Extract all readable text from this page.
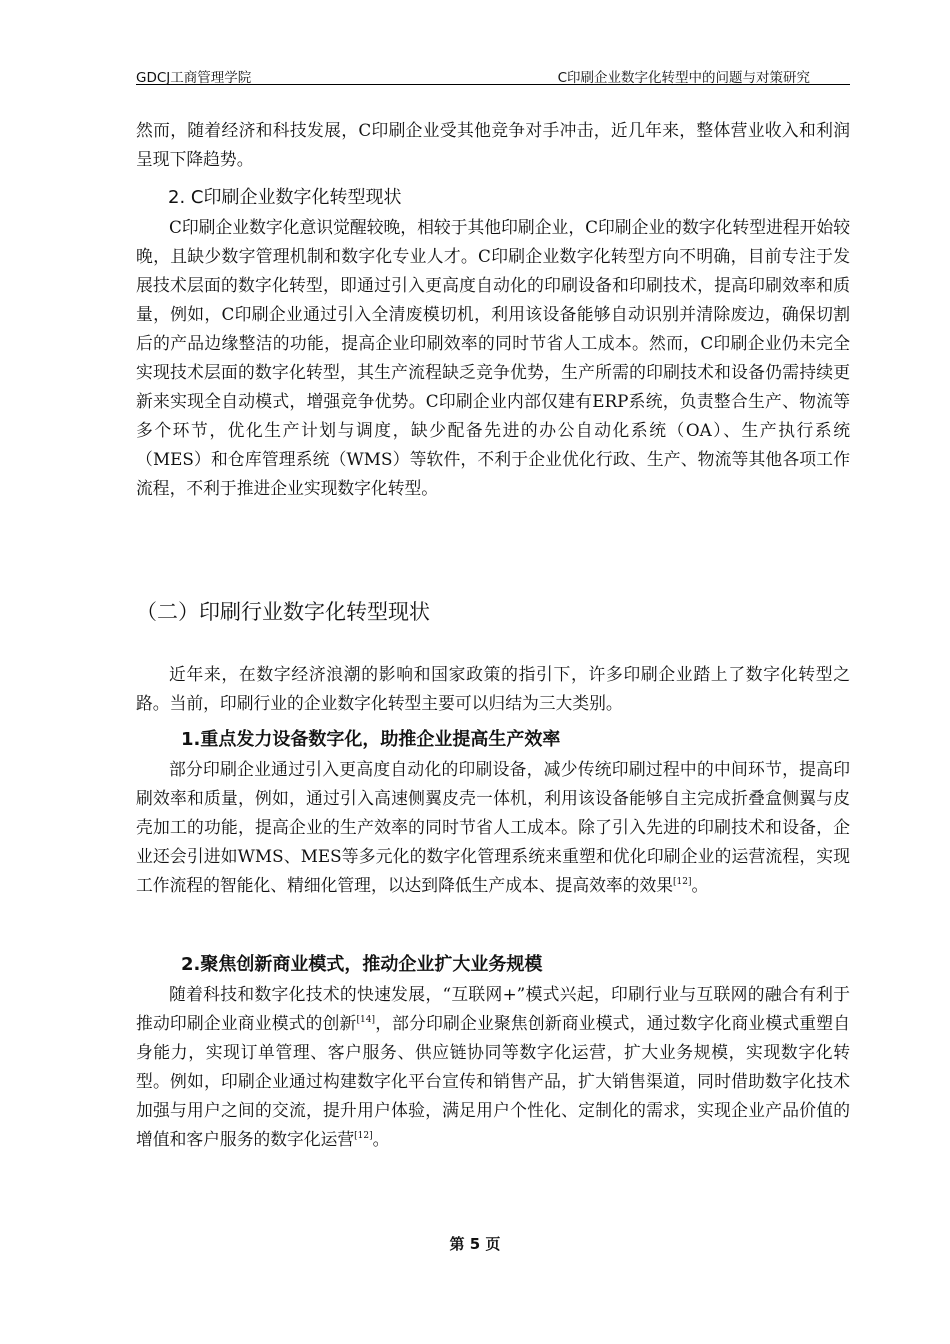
GDCJ工商管理学院	C印刷企业数字化转型中的问题与对策研究

然而，随着经济和科技发展，C印刷企业受其他竞争对手冲击，近几年来，整体营业收入和利润呈现下降趋势。

2. C印刷企业数字化转型现状

C印刷企业数字化意识觉醒较晚，相较于其他印刷企业，C印刷企业的数字化转型进程开始较晚，且缺少数字管理机制和数字化专业人才。C印刷企业数字化转型方向不明确，目前专注于发展技术层面的数字化转型，即通过引入更高度自动化的印刷设备和印刷技术，提高印刷效率和质量，例如，C印刷企业通过引入全清废模切机，利用该设备能够自动识别并清除废边，确保切割后的产品边缘整洁的功能，提高企业印刷效率的同时节省人工成本。然而，C印刷企业仍未完全实现技术层面的数字化转型，其生产流程缺乏竞争优势，生产所需的印刷技术和设备仍需持续更新来实现全自动模式，增强竞争优势。C印刷企业内部仅建有ERP系统，负责整合生产、物流等多个环节，优化生产计划与调度，缺少配备先进的办公自动化系统（OA）、生产执行系统（MES）和仓库管理系统（WMS）等软件，不利于企业优化行政、生产、物流等其他各项工作流程，不利于推进企业实现数字化转型。

（二）印刷行业数字化转型现状

近年来，在数字经济浪潮的影响和国家政策的指引下，许多印刷企业踏上了数字化转型之路。当前，印刷行业的企业数字化转型主要可以归结为三大类别。

1.重点发力设备数字化，助推企业提高生产效率

部分印刷企业通过引入更高度自动化的印刷设备，减少传统印刷过程中的中间环节，提高印刷效率和质量，例如，通过引入高速侧翼皮壳一体机，利用该设备能够自主完成折叠盒侧翼与皮壳加工的功能，提高企业的生产效率的同时节省人工成本。除了引入先进的印刷技术和设备，企业还会引进如WMS、MES等多元化的数字化管理系统来重塑和优化印刷企业的运营流程，实现工作流程的智能化、精细化管理，以达到降低生产成本、提高效率的效果[12]。

2.聚焦创新商业模式，推动企业扩大业务规模

随着科技和数字化技术的快速发展，“互联网+”模式兴起，印刷行业与互联网的融合有利于推动印刷企业商业模式的创新[14]，部分印刷企业聚焦创新商业模式，通过数字化商业模式重塑自身能力，实现订单管理、客户服务、供应链协同等数字化运营，扩大业务规模，实现数字化转型。例如，印刷企业通过构建数字化平台宣传和销售产品，扩大销售渠道，同时借助数字化技术加强与用户之间的交流，提升用户体验，满足用户个性化、定制化的需求，实现企业产品价值的增值和客户服务的数字化运营[12]。

第 5 页
